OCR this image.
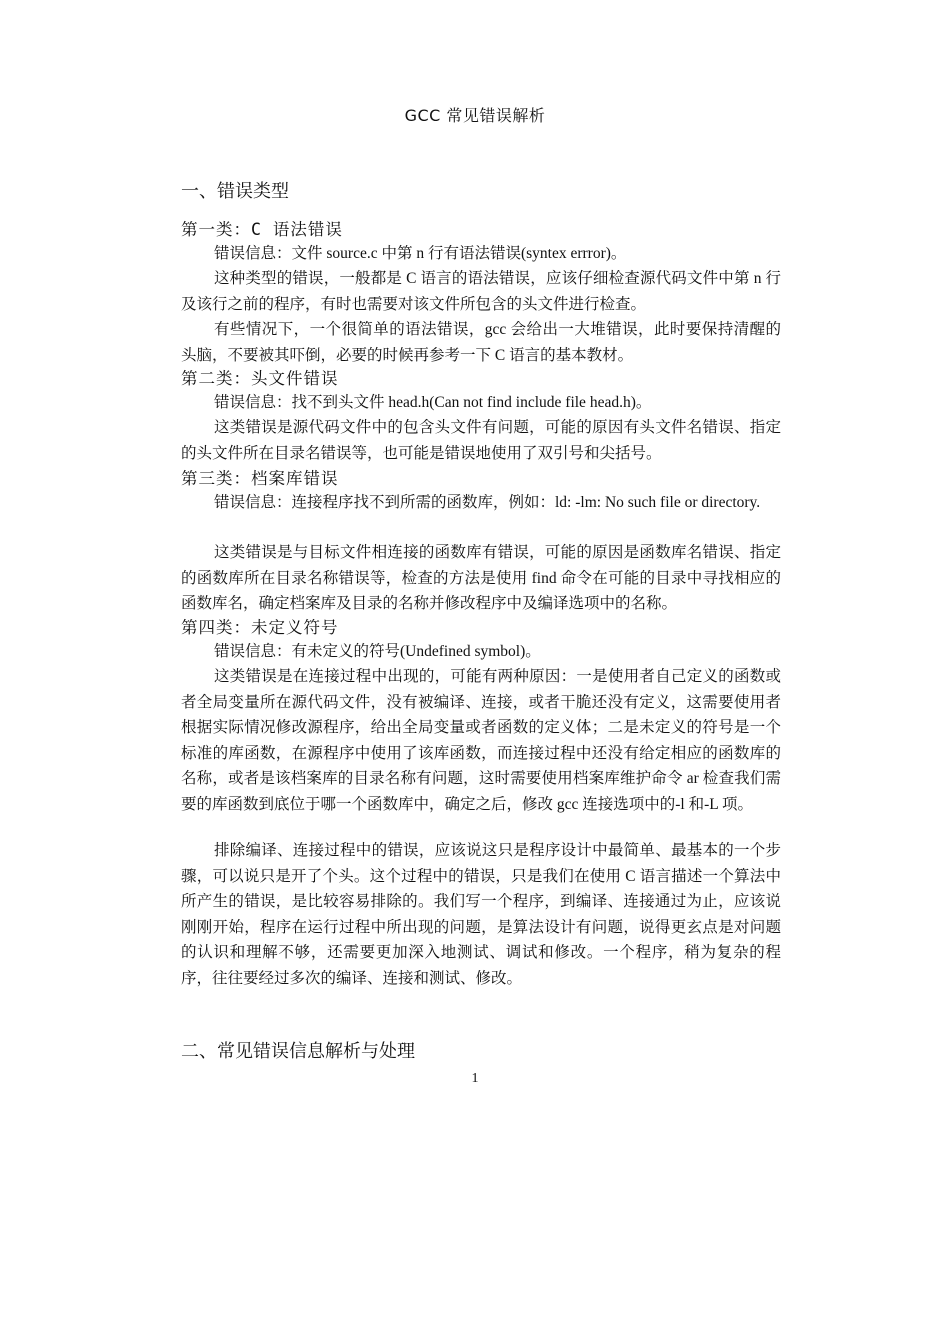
GCC 常见错误解析
一、错误类型
第一类：C 语法错误

错误信息：文件 source.c 中第 n 行有语法错误(syntex errror)。

这种类型的错误，一般都是 C 语言的语法错误，应该仔细检查源代码文件中第 n 行及该行之前的程序，有时也需要对该文件所包含的头文件进行检查。

有些情况下，一个很简单的语法错误，gcc 会给出一大堆错误，此时要保持清醒的头脑，不要被其吓倒，必要的时候再参考一下 C 语言的基本教材。

第二类：头文件错误

错误信息：找不到头文件 head.h(Can not find include file head.h)。

这类错误是源代码文件中的包含头文件有问题，可能的原因有头文件名错误、指定的头文件所在目录名错误等，也可能是错误地使用了双引号和尖括号。

第三类：档案库错误

错误信息：连接程序找不到所需的函数库，例如：ld: -lm: No such file or directory.

这类错误是与目标文件相连接的函数库有错误，可能的原因是函数库名错误、指定的函数库所在目录名称错误等，检查的方法是使用 find 命令在可能的目录中寻找相应的函数库名，确定档案库及目录的名称并修改程序中及编译选项中的名称。

第四类：未定义符号

错误信息：有未定义的符号(Undefined symbol)。

这类错误是在连接过程中出现的，可能有两种原因：一是使用者自己定义的函数或者全局变量所在源代码文件，没有被编译、连接，或者干脆还没有定义，这需要使用者根据实际情况修改源程序，给出全局变量或者函数的定义体；二是未定义的符号是一个标准的库函数，在源程序中使用了该库函数，而连接过程中还没有给定相应的函数库的名称，或者是该档案库的目录名称有问题，这时需要使用档案库维护命令 ar 检查我们需要的库函数到底位于哪一个函数库中，确定之后，修改 gcc 连接选项中的-l 和-L 项。

排除编译、连接过程中的错误，应该说这只是程序设计中最简单、最基本的一个步骤，可以说只是开了个头。这个过程中的错误，只是我们在使用 C 语言描述一个算法中所产生的错误，是比较容易排除的。我们写一个程序，到编译、连接通过为止，应该说刚刚开始，程序在运行过程中所出现的问题，是算法设计有问题，说得更玄点是对问题的认识和理解不够，还需要更加深入地测试、调试和修改。一个程序，稍为复杂的程序，往往要经过多次的编译、连接和测试、修改。

二、常见错误信息解析与处理
1
